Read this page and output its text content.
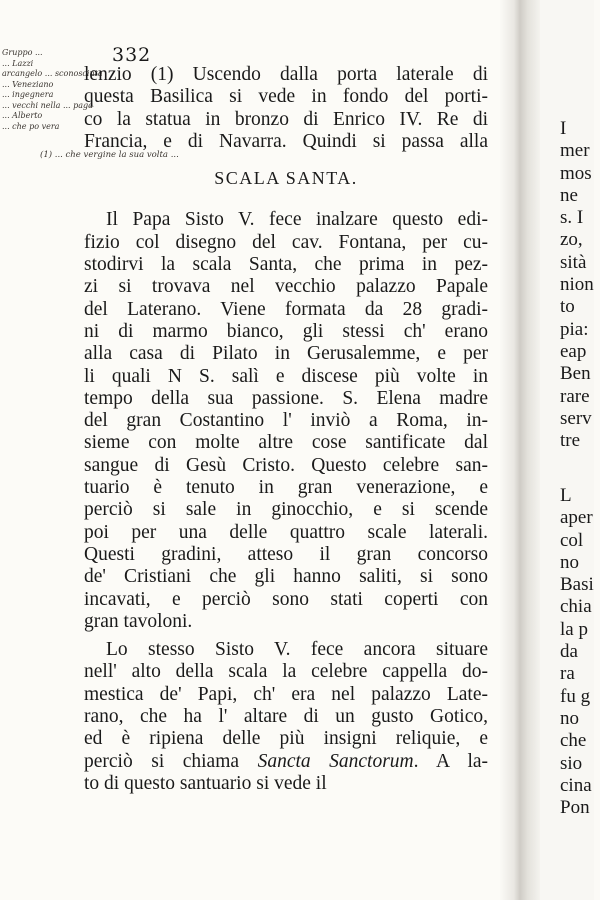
332
Gruppo ...
... Lazzi
arcangelo ... sconosciuta
... Veneziano
... ingegnera
... vecchi nella ... paga
... Alberto
... che po vera
(1) ... che vergine la sua volta ...
lenzio (1) Uscendo dalla porta laterale di
questa Basilica si vede in fondo del porti-
co la statua in bronzo di Enrico IV. Re di
Francia, e di Navarra. Quindi si passa alla
SCALA SANTA.
Il Papa Sisto V. fece inalzare questo edi-
fizio col disegno del cav. Fontana, per cu-
stodirvi la scala Santa, che prima in pez-
zi si trovava nel vecchio palazzo Papale
del Laterano. Viene formata da 28 gradi-
ni di marmo bianco, gli stessi ch' erano
alla casa di Pilato in Gerusalemme, e per
li quali N S. salì e discese più volte in
tempo della sua passione. S. Elena madre
del gran Costantino l' inviò a Roma, in-
sieme con molte altre cose santificate dal
sangue di Gesù Cristo. Questo celebre san-
tuario è tenuto in gran venerazione, e
perciò si sale in ginocchio, e si scende
poi per una delle quattro scale laterali.
Questi gradini, atteso il gran concorso
de' Cristiani che gli hanno saliti, si sono
incavati, e perciò sono stati coperti con
gran tavoloni.
Lo stesso Sisto V. fece ancora situare
nell' alto della scala la celebre cappella do-
mestica de' Papi, ch' era nel palazzo Late-
rano, che ha l' altare di un gusto Gotico,
ed è ripiena delle più insigni reliquie, e
perciò si chiama Sancta Sanctorum. A la-
to di questo santuario si vede il
I
mer
mos
ne
s. I
zo,
sità
nion
to
pia:
eap
Ben
rare
serv
tre
L
aper
col
no
Basi
chia
la p
da
ra
fu g
no
che
sio
cina
Pon
